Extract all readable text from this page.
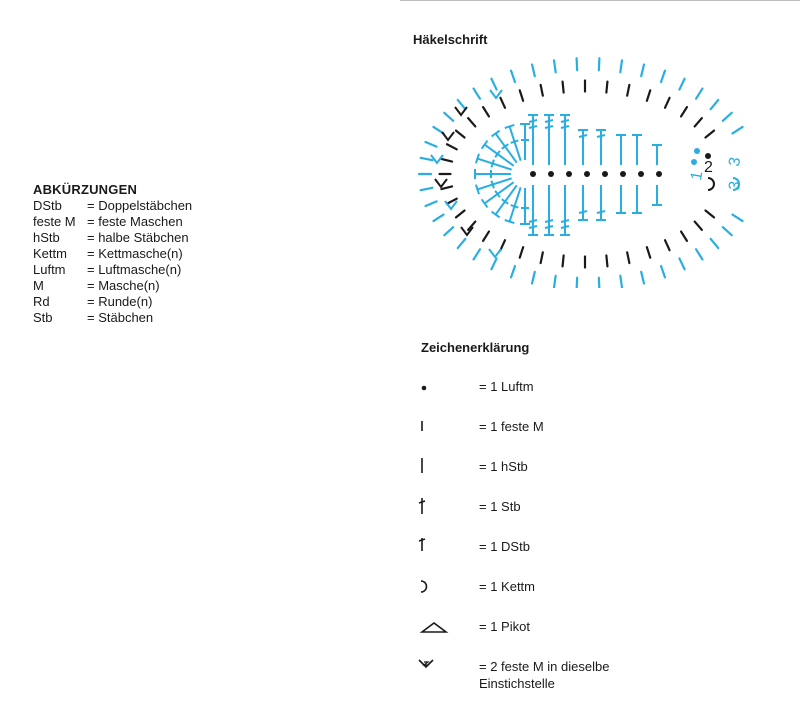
ABKÜRZUNGEN
DStb	= Doppelstäbchen
feste M = feste Maschen
hStb	= halbe Stäbchen
Kettm	= Kettmasche(n)
Luftm	= Luftmasche(n)
M	= Masche(n)
Rd	= Runde(n)
Stb	= Stäbchen
Häkelschrift
2 3
1
3
Zeichenerklärung
= 1 Luftm
= 1 feste M
= 1 hStb
= 1 Stb
= 1 DStb
= 1 Kettm
= 1 Pikot
= 2 feste M in dieselbe
Einstichstelle
